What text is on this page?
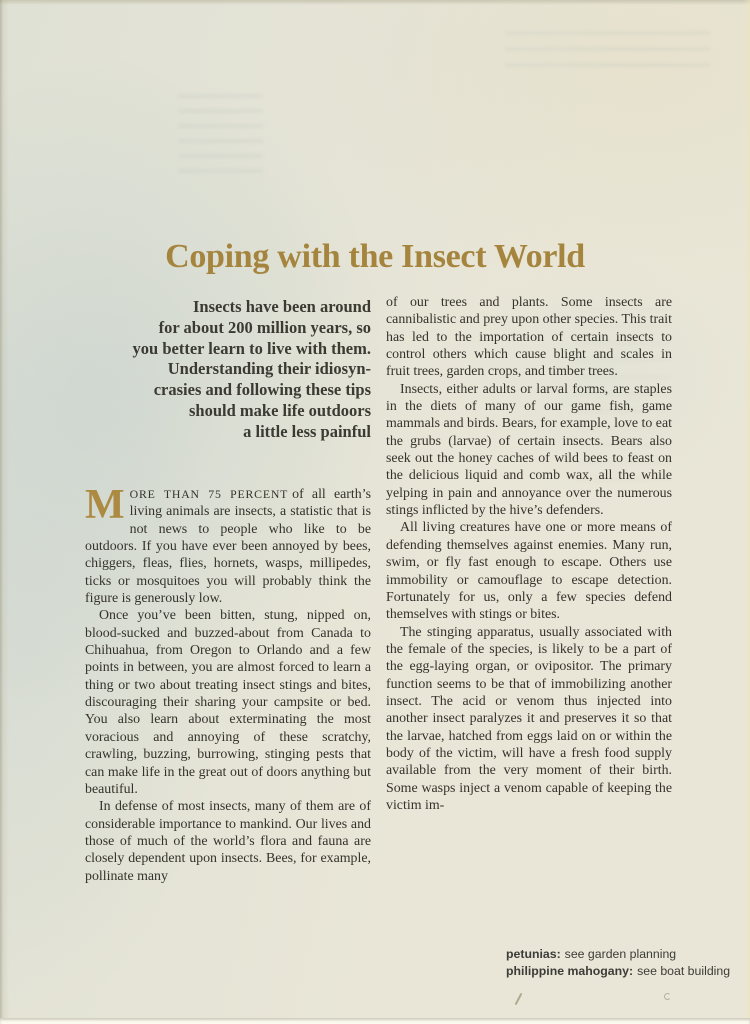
Coping with the Insect World
Insects have been around
for about 200 million years, so
you better learn to live with them.
Understanding their idiosyn-
crasies and following these tips
should make life outdoors
a little less painful

MORE THAN 75 PERCENT of all earth’s living animals are insects, a statistic that is not news to people who like to be outdoors. If you have ever been annoyed by bees, chiggers, fleas, flies, hornets, wasps, millipedes, ticks or mosquitoes you will probably think the figure is generously low.

Once you’ve been bitten, stung, nipped on, blood-sucked and buzzed-about from Canada to Chihuahua, from Oregon to Orlando and a few points in between, you are almost forced to learn a thing or two about treating insect stings and bites, discouraging their sharing your campsite or bed. You also learn about exterminating the most voracious and annoying of these scratchy, crawling, buzzing, burrowing, stinging pests that can make life in the great out of doors anything but beautiful.

In defense of most insects, many of them are of considerable importance to mankind. Our lives and those of much of the world’s flora and fauna are closely dependent upon insects. Bees, for example, pollinate many

of our trees and plants. Some insects are cannibalistic and prey upon other species. This trait has led to the importation of certain insects to control others which cause blight and scales in fruit trees, garden crops, and timber trees.

Insects, either adults or larval forms, are staples in the diets of many of our game fish, game mammals and birds. Bears, for example, love to eat the grubs (larvae) of certain insects. Bears also seek out the honey caches of wild bees to feast on the delicious liquid and comb wax, all the while yelping in pain and annoyance over the numerous stings inflicted by the hive’s defenders.

All living creatures have one or more means of defending themselves against enemies. Many run, swim, or fly fast enough to escape. Others use immobility or camouflage to escape detection. Fortunately for us, only a few species defend themselves with stings or bites.

The stinging apparatus, usually associated with the female of the species, is likely to be a part of the egg-laying organ, or ovipositor. The primary function seems to be that of immobilizing another insect. The acid or venom thus injected into another insect paralyzes it and preserves it so that the larvae, hatched from eggs laid on or within the body of the victim, will have a fresh food supply available from the very moment of their birth. Some wasps inject a venom capable of keeping the victim im-

petunias: see garden planning
philippine mahogany: see boat building
